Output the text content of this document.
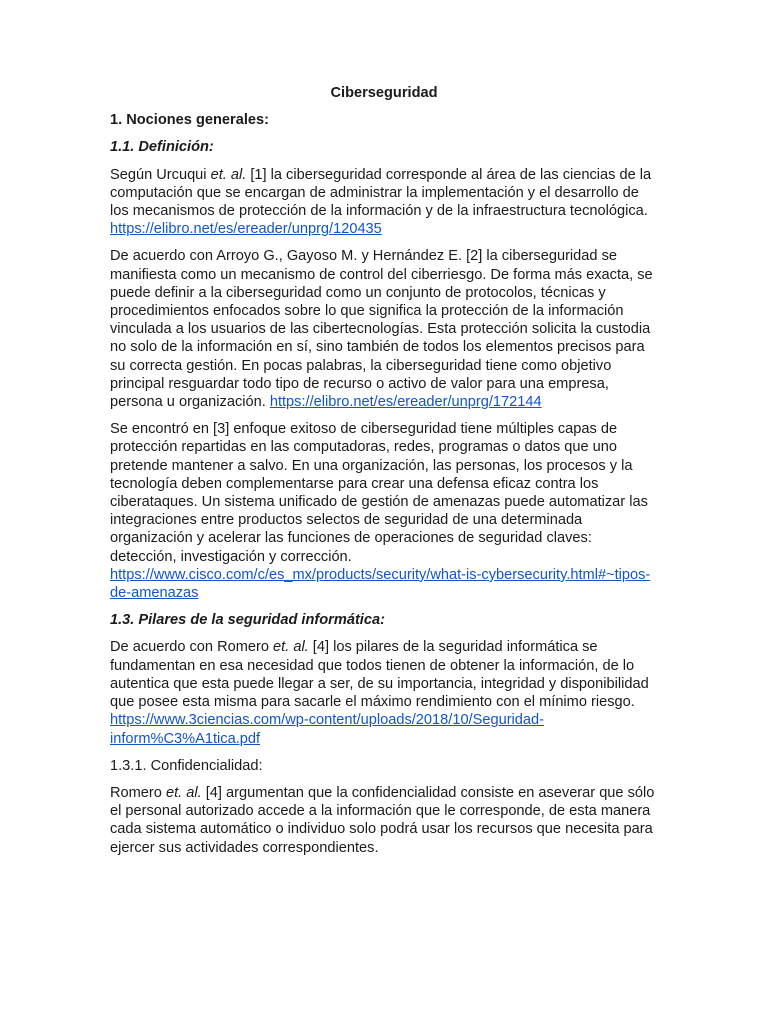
Ciberseguridad
1. Nociones generales:
1.1. Definición:

Según Urcuqui et. al. [1] la ciberseguridad corresponde al área de las ciencias de la computación que se encargan de administrar la implementación y el desarrollo de los mecanismos de protección de la información y de la infraestructura tecnológica. https://elibro.net/es/ereader/unprg/120435

De acuerdo con Arroyo G., Gayoso M. y Hernández E. [2] la ciberseguridad se manifiesta como un mecanismo de control del ciberriesgo. De forma más exacta, se puede definir a la ciberseguridad como un conjunto de protocolos, técnicas y procedimientos enfocados sobre lo que significa la protección de la información vinculada a los usuarios de las cibertecnologías. Esta protección solicita la custodia no solo de la información en sí, sino también de todos los elementos precisos para su correcta gestión. En pocas palabras, la ciberseguridad tiene como objetivo principal resguardar todo tipo de recurso o activo de valor para una empresa, persona u organización. https://elibro.net/es/ereader/unprg/172144

Se encontró en [3] enfoque exitoso de ciberseguridad tiene múltiples capas de protección repartidas en las computadoras, redes, programas o datos que uno pretende mantener a salvo. En una organización, las personas, los procesos y la tecnología deben complementarse para crear una defensa eficaz contra los ciberataques. Un sistema unificado de gestión de amenazas puede automatizar las integraciones entre productos selectos de seguridad de una determinada organización y acelerar las funciones de operaciones de seguridad claves: detección, investigación y corrección. https://www.cisco.com/c/es_mx/products/security/what-is-cybersecurity.html#~tipos-de-amenazas

1.3. Pilares de la seguridad informática:

De acuerdo con Romero et. al. [4] los pilares de la seguridad informática se fundamentan en esa necesidad que todos tienen de obtener la información, de lo autentica que esta puede llegar a ser, de su importancia, integridad y disponibilidad que posee esta misma para sacarle el máximo rendimiento con el mínimo riesgo. https://www.3ciencias.com/wp-content/uploads/2018/10/Seguridad-inform%C3%A1tica.pdf

1.3.1. Confidencialidad:

Romero et. al. [4] argumentan que la confidencialidad consiste en aseverar que sólo el personal autorizado accede a la información que le corresponde, de esta manera cada sistema automático o individuo solo podrá usar los recursos que necesita para ejercer sus actividades correspondientes.
